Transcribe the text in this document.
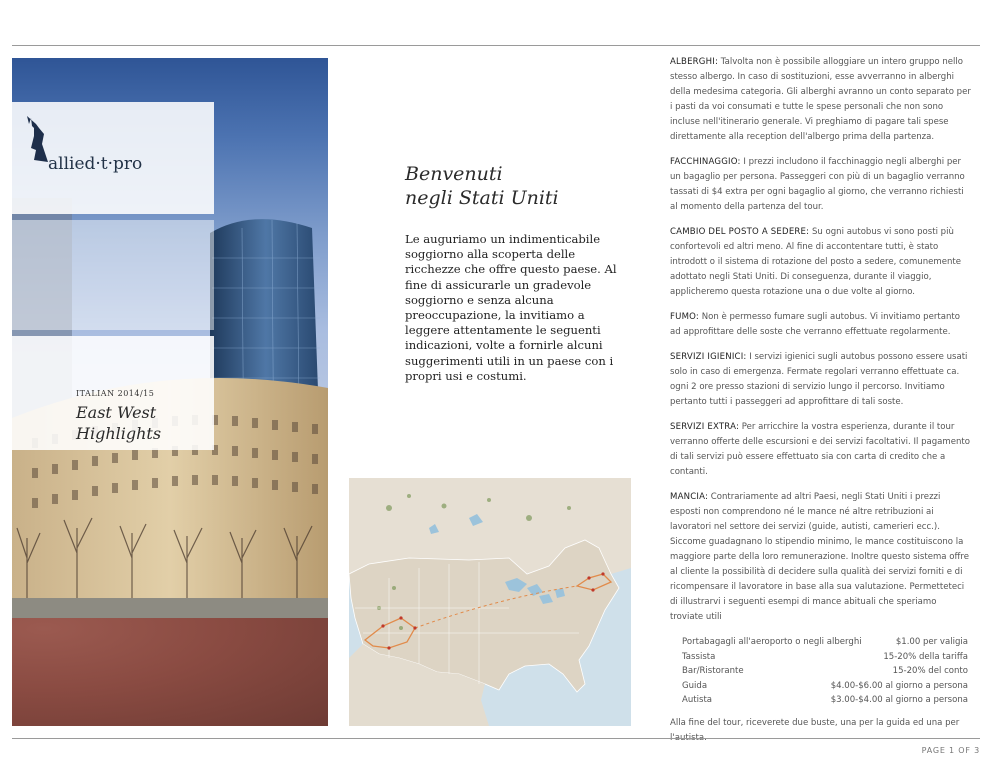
allied·t·pro
ITALIAN 2014/15
East West
Highlights
Benvenuti
negli Stati Uniti
Le auguriamo un indimenticabile soggiorno alla scoperta delle ricchezze che offre questo paese. Al fine di assicurarle un gradevole soggiorno e senza alcuna preoccupazione, la invitiamo a leggere attentamente le seguenti indicazioni, volte a fornirle alcuni suggerimenti utili in un paese con i propri usi e costumi.

ALBERGHI: Talvolta non è possibile alloggiare un intero gruppo nello stesso albergo. In caso di sostituzioni, esse avverranno in alberghi della medesima categoria. Gli alberghi avranno un conto separato per i pasti da voi consumati e tutte le spese personali che non sono incluse nell'itinerario generale. Vi preghiamo di pagare tali spese direttamente alla reception dell'albergo prima della partenza.

FACCHINAGGIO: I prezzi includono il facchinaggio negli alberghi per un bagaglio per persona. Passeggeri con più di un bagaglio verranno tassati di $4 extra per ogni bagaglio al giorno, che verranno richiesti al momento della partenza del tour.

CAMBIO DEL POSTO A SEDERE: Su ogni autobus vi sono posti più confortevoli ed altri meno. Al fine di accontentare tutti, è stato introdott o il sistema di rotazione del posto a sedere, comunemente adottato negli Stati Uniti. Di conseguenza, durante il viaggio, applicheremo questa rotazione una o due volte al giorno.

FUMO: Non è permesso fumare sugli autobus. Vi invitiamo pertanto ad approfittare delle soste che verranno effettuate regolarmente.

SERVIZI IGIENICI: I servizi igienici sugli autobus possono essere usati solo in caso di emergenza. Fermate regolari verranno effettuate ca. ogni 2 ore presso stazioni di servizio lungo il percorso. Invitiamo pertanto tutti i passeggeri ad approfittare di tali soste.

SERVIZI EXTRA: Per arricchire la vostra esperienza, durante il tour verranno offerte delle escursioni e dei servizi facoltativi. Il pagamento di tali servizi può essere effettuato sia con carta di credito che a contanti.

MANCIA: Contrariamente ad altri Paesi, negli Stati Uniti i prezzi esposti non comprendono né le mance né altre retribuzioni ai lavoratori nel settore dei servizi (guide, autisti, camerieri ecc.). Siccome guadagnano lo stipendio minimo, le mance costituiscono la maggiore parte della loro remunerazione. Inoltre questo sistema offre al cliente la possibilità di decidere sulla qualità dei servizi forniti e di ricompensare il lavoratore in base alla sua valutazione. Permetteteci di illustrarvi i seguenti esempi di mance abituali che speriamo troviate utili

Portabagagli all'aeroporto o negli alberghi	$1.00 per valigia
Tassista	15-20% della tariffa
Bar/Ristorante	15-20% del conto
Guida	$4.00-$6.00 al giorno a persona
Autista	$3.00-$4.00 al giorno a persona
Alla fine del tour, riceverete due buste, una per la guida ed una per
PAGE 1 OF 3
